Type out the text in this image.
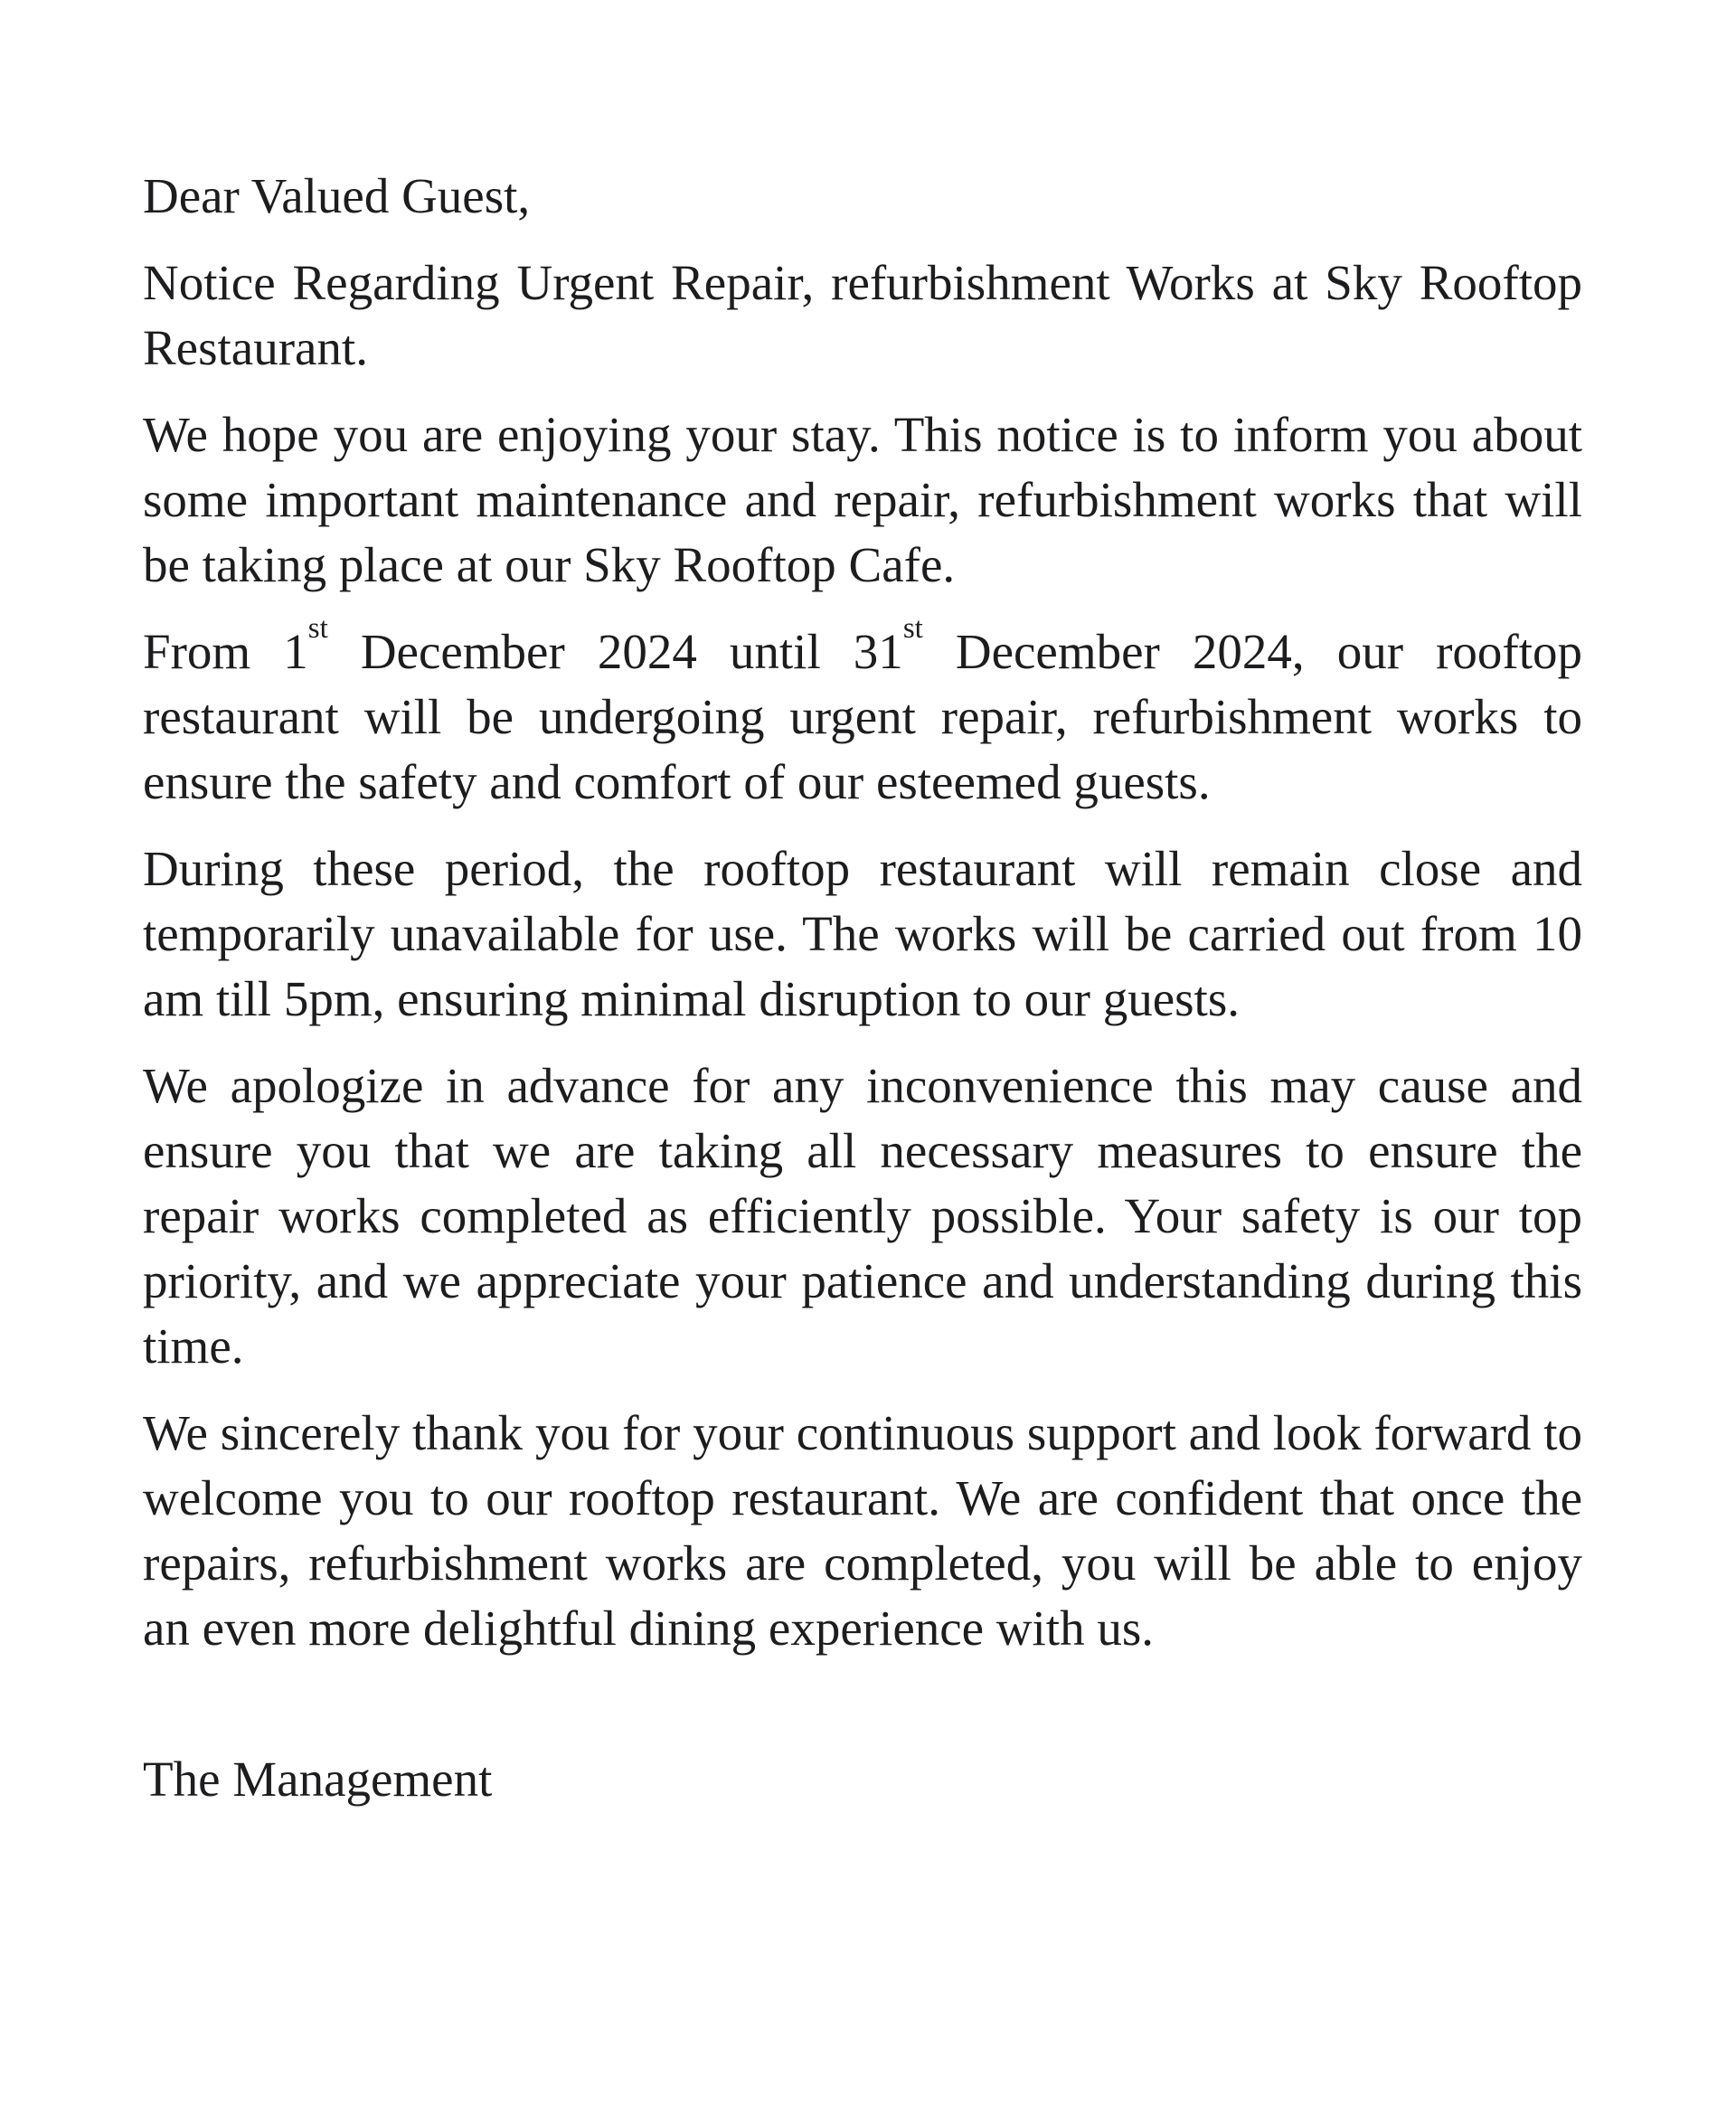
Dear Valued Guest,

Notice Regarding Urgent Repair, refurbishment Works at Sky Rooftop Restaurant.

We hope you are enjoying your stay. This notice is to inform you about some important maintenance and repair, refurbishment works that will be taking place at our Sky Rooftop Cafe.

From 1st December 2024 until 31st December 2024, our rooftop restaurant will be undergoing urgent repair, refurbishment works to ensure the safety and comfort of our esteemed guests.

During these period, the rooftop restaurant will remain close and temporarily unavailable for use. The works will be carried out from 10 am till 5pm, ensuring minimal disruption to our guests.

We apologize in advance for any inconvenience this may cause and ensure you that we are taking all necessary measures to ensure the repair works completed as efficiently possible. Your safety is our top priority, and we appreciate your patience and understanding during this time.

We sincerely thank you for your continuous support and look forward to welcome you to our rooftop restaurant. We are confident that once the repairs, refurbishment works are completed, you will be able to enjoy an even more delightful dining experience with us.

The Management
